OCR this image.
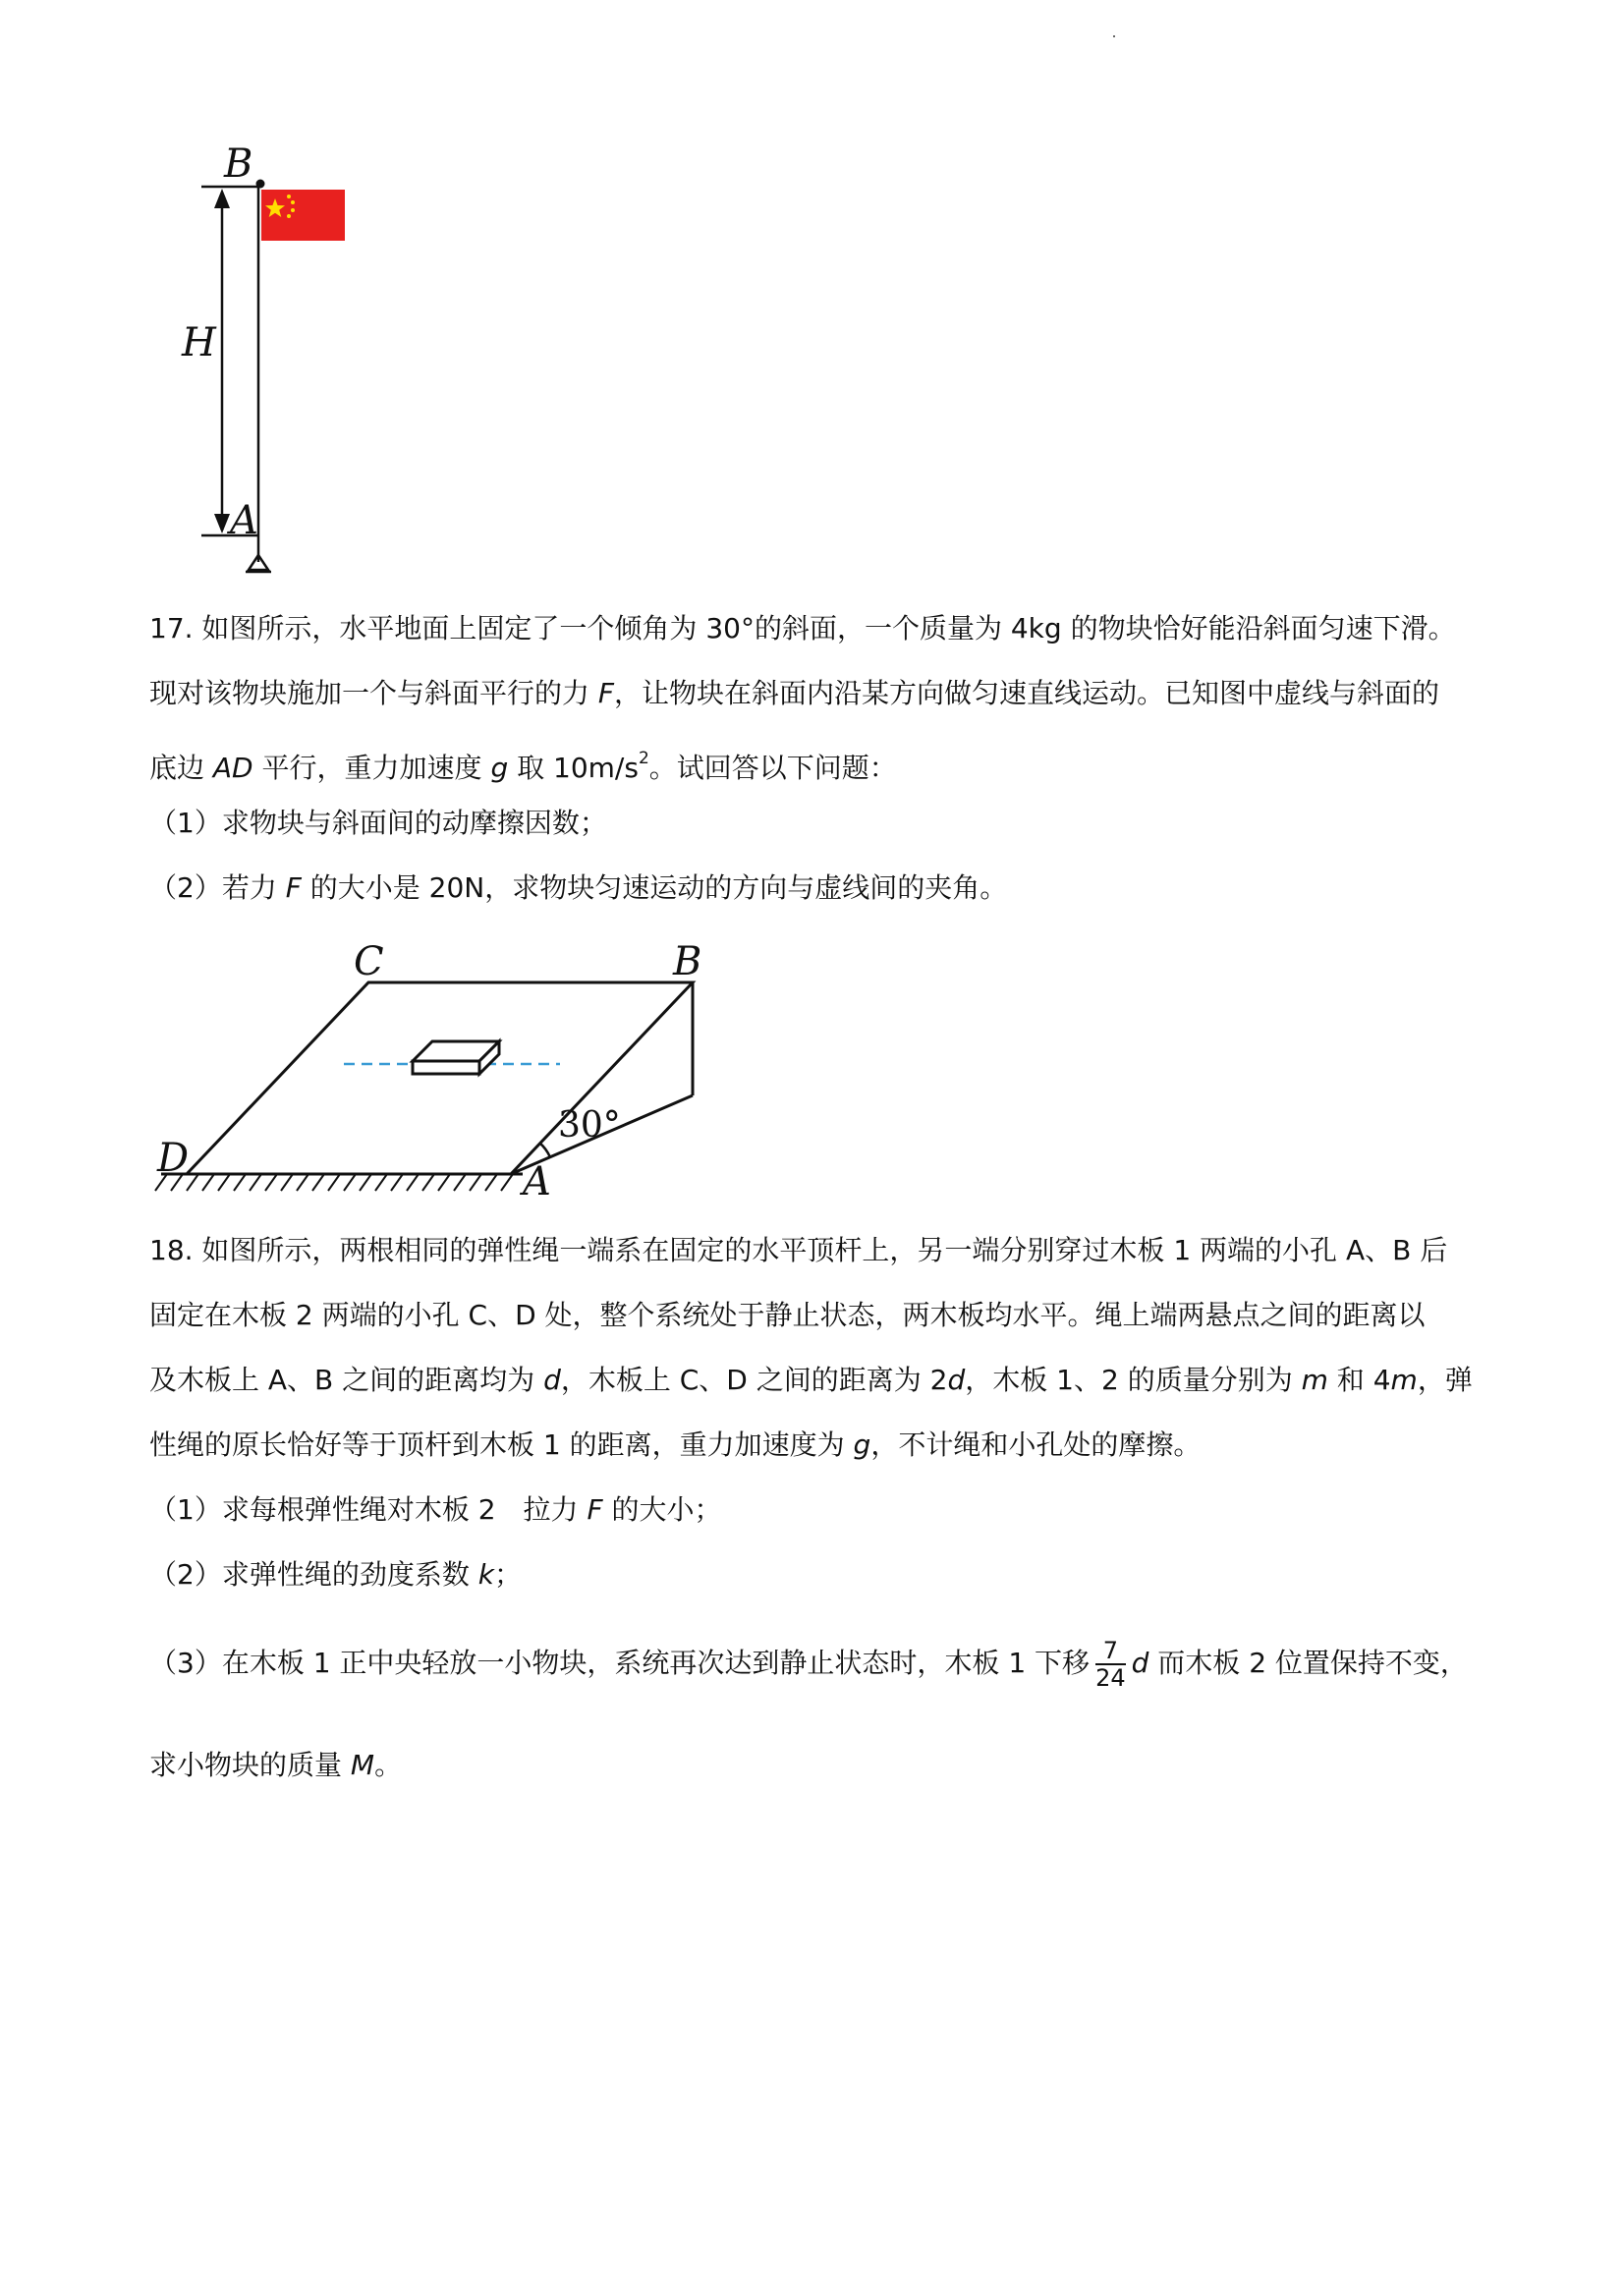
B
H
A
17. 如图所示，水平地面上固定了一个倾角为 30°的斜面，一个质量为 4kg 的物块恰好能沿斜面匀速下滑。
现对该物块施加一个与斜面平行的力 F，让物块在斜面内沿某方向做匀速直线运动。已知图中虚线与斜面的
底边 AD 平行，重力加速度 g 取 $10m/s^2$。试回答以下问题：
（1）求物块与斜面间的动摩擦因数；
（2）若力 F 的大小是 20N，求物块匀速运动的方向与虚线间的夹角。
C	B
D
A
30°
18. 如图所示，两根相同的弹性绳一端系在固定的水平顶杆上，另一端分别穿过木板 1 两端的小孔 A、B 后
固定在木板 2 两端的小孔 C、D 处，整个系统处于静止状态，两木板均水平。绳上端两悬点之间的距离以
及木板上 A、B 之间的距离均为 d，木板上 C、D 之间的距离为 2d，木板 1、2 的质量分别为 m 和 4m，弹
性绳的原长恰好等于顶杆到木板 1 的距离，重力加速度为 g，不计绳和小孔处的摩擦。
（1）求每根弹性绳对木板 2　拉力 F 的大小；
（2）求弹性绳的劲度系数 k；
（3）在木板 1 正中央轻放一小物块，系统再次达到静止状态时，木板 1 下移 $\frac{7}{24}$ d 而木板 2 位置保持不变，
求小物块的质量 M。
